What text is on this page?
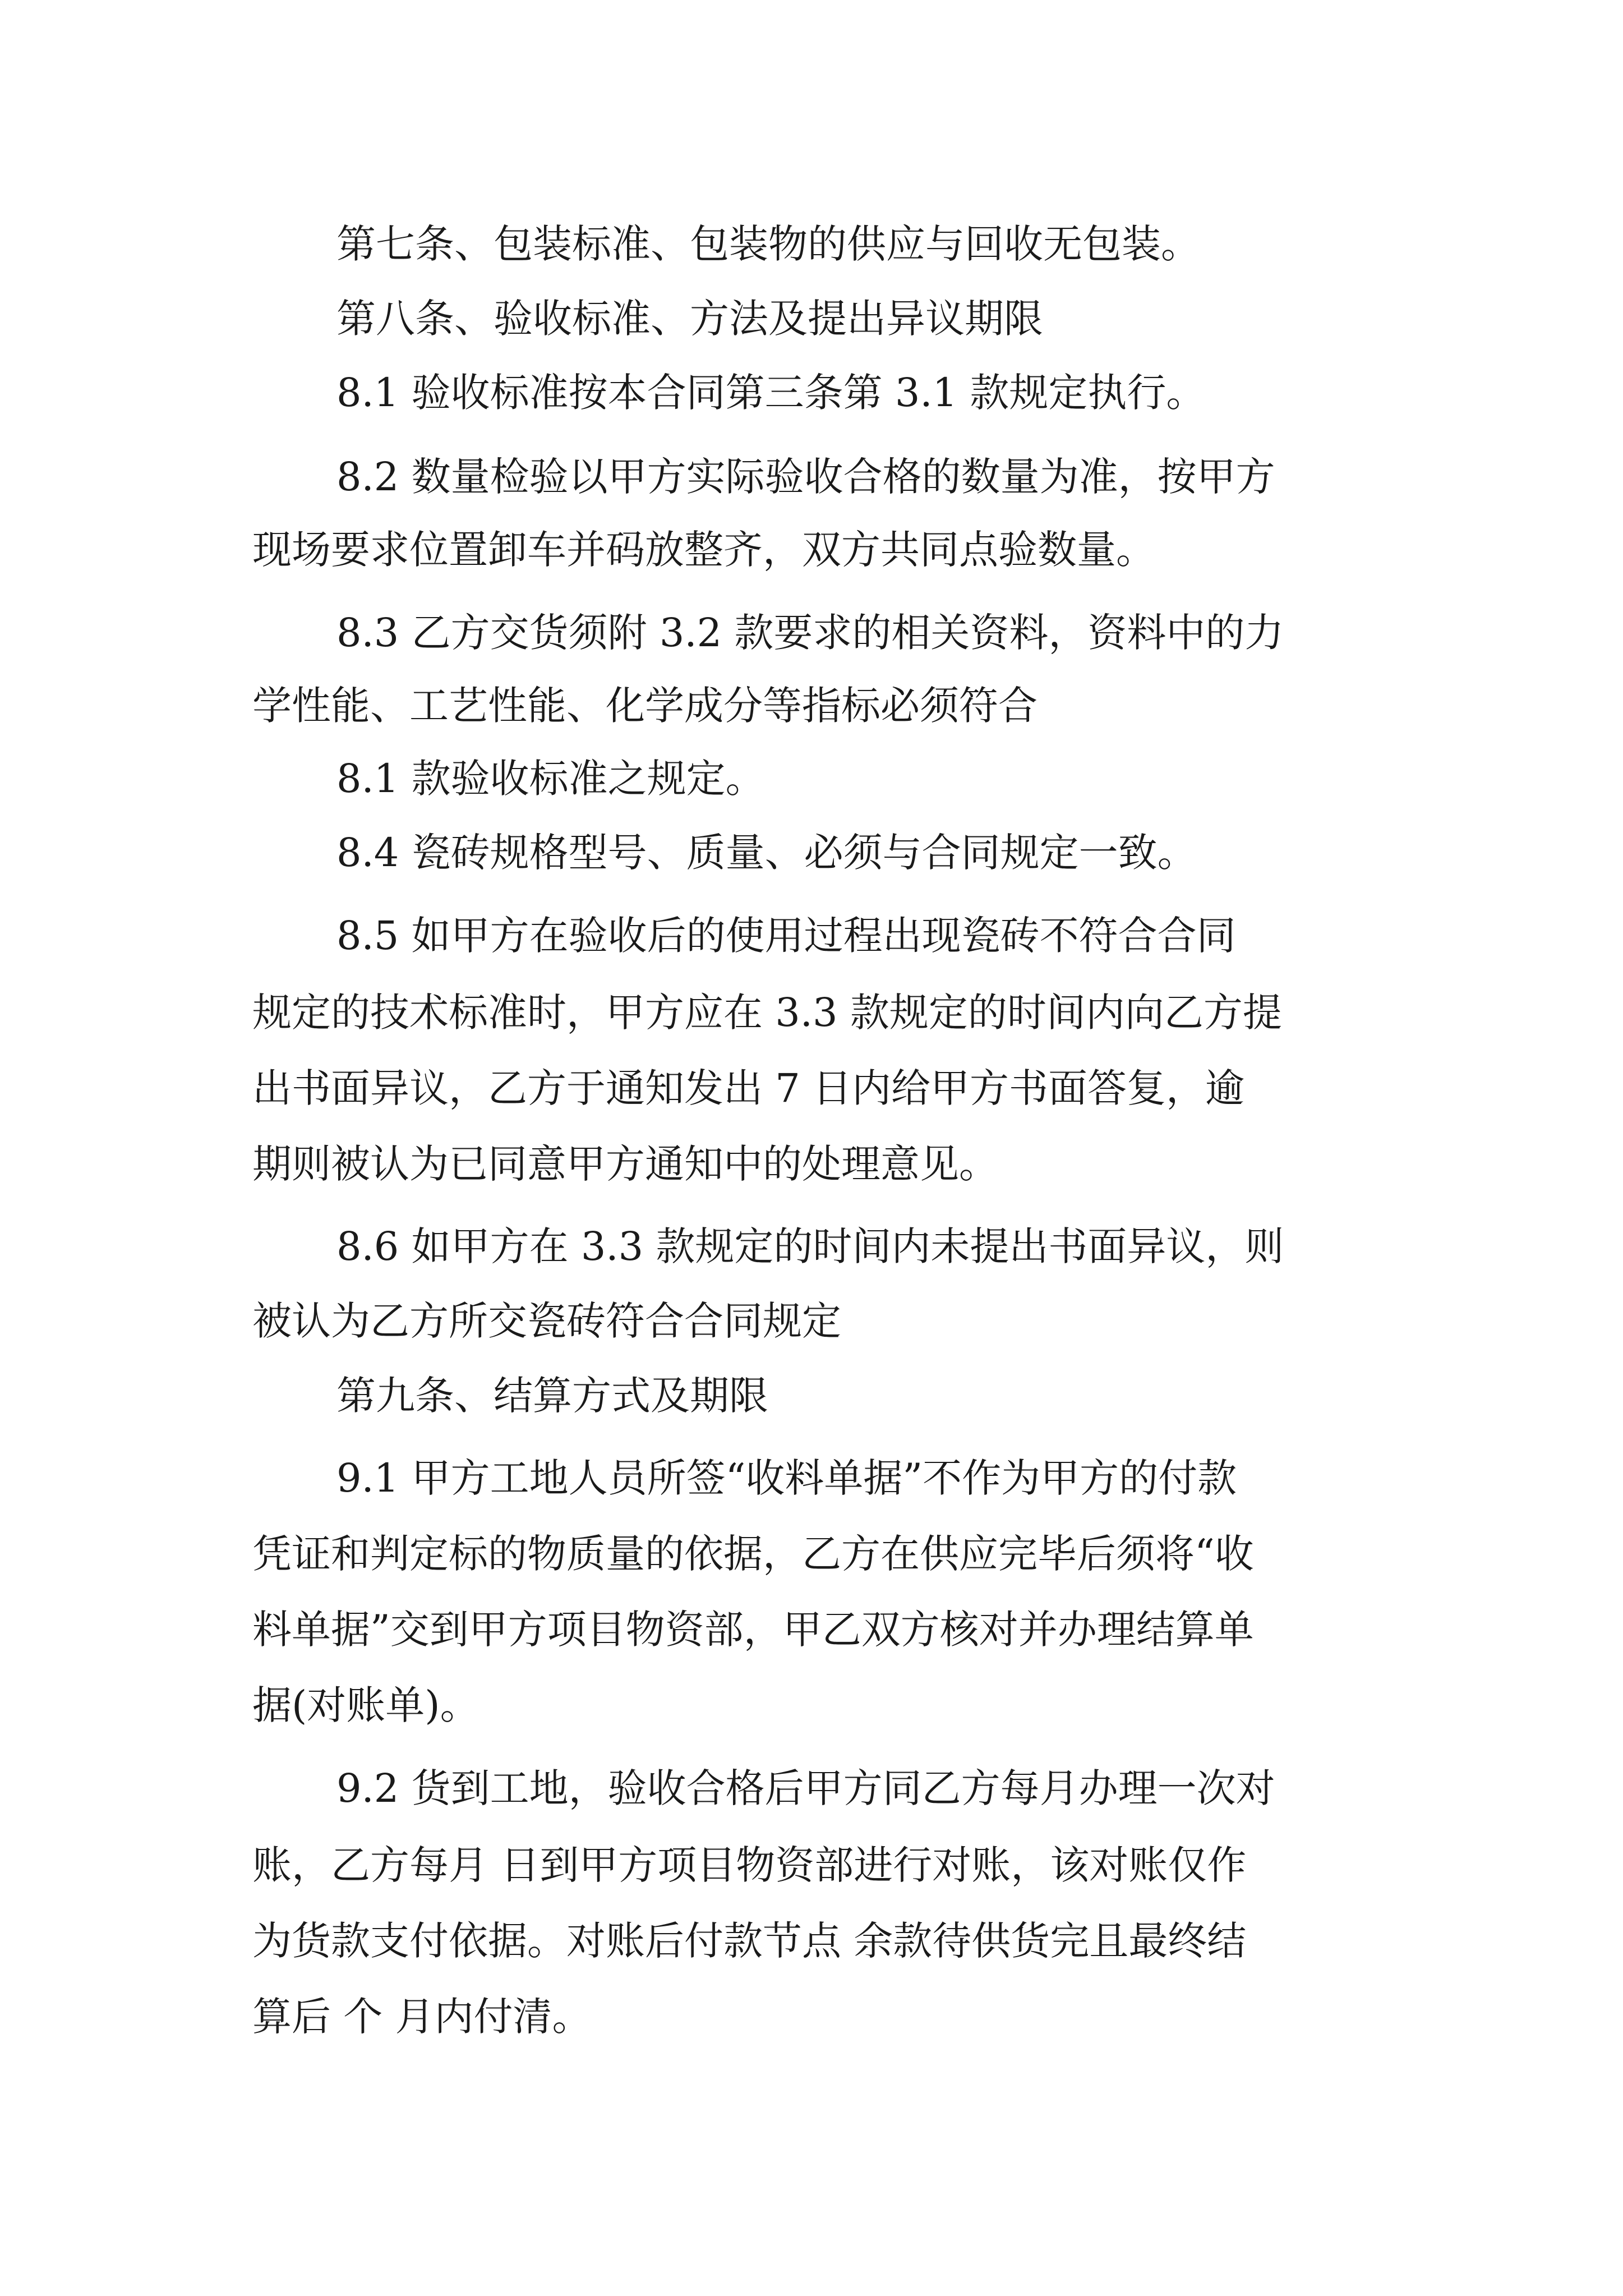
第七条、包装标准、包装物的供应与回收无包装。
第八条、验收标准、方法及提出异议期限
8.1 验收标准按本合同第三条第 3.1 款规定执行。
8.2 数量检验以甲方实际验收合格的数量为准，按甲方
现场要求位置卸车并码放整齐，双方共同点验数量。
8.3 乙方交货须附 3.2 款要求的相关资料，资料中的力
学性能、工艺性能、化学成分等指标必须符合
8.1 款验收标准之规定。
8.4 瓷砖规格型号、质量、必须与合同规定一致。
8.5 如甲方在验收后的使用过程出现瓷砖不符合合同
规定的技术标准时，甲方应在 3.3 款规定的时间内向乙方提
出书面异议，乙方于通知发出 7 日内给甲方书面答复，逾
期则被认为已同意甲方通知中的处理意见。
8.6 如甲方在 3.3 款规定的时间内未提出书面异议，则
被认为乙方所交瓷砖符合合同规定
第九条、结算方式及期限
9.1 甲方工地人员所签“收料单据”不作为甲方的付款
凭证和判定标的物质量的依据，乙方在供应完毕后须将“收
料单据”交到甲方项目物资部，甲乙双方核对并办理结算单
据(对账单)。
9.2 货到工地，验收合格后甲方同乙方每月办理一次对
账，乙方每月 日到甲方项目物资部进行对账，该对账仅作
为货款支付依据。对账后付款节点 余款待供货完且最终结
算后 个 月内付清。
